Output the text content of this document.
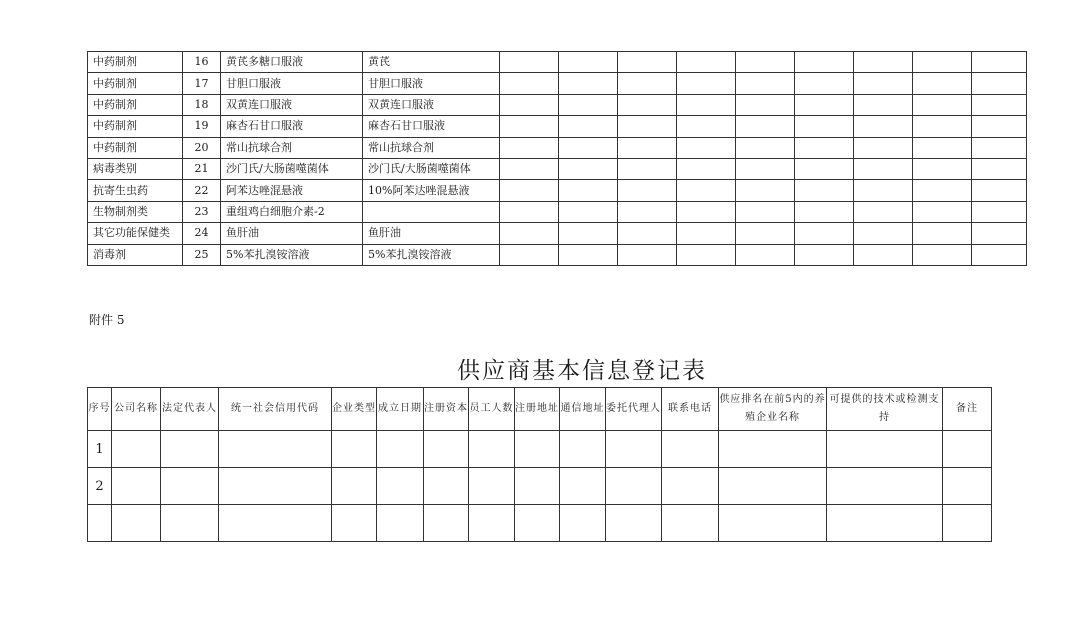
中药制剂	16	黄芪多糖口服液	黄芪									
中药制剂	17	甘胆口服液	甘胆口服液									
中药制剂	18	双黄连口服液	双黄连口服液									
中药制剂	19	麻杏石甘口服液	麻杏石甘口服液									
中药制剂	20	常山抗球合剂	常山抗球合剂									
病毒类别	21	沙门氏/大肠菌噬菌体	沙门氏/大肠菌噬菌体									
抗寄生虫药	22	阿苯达唑混悬液	10%阿苯达唑混悬液									
生物制剂类	23	重组鸡白细胞介素-2										
其它功能保健类	24	鱼肝油	鱼肝油									
消毒剂	25	5%苯扎溴铵溶液	5%苯扎溴铵溶液									
附件 5
供应商基本信息登记表
序号	公司名称	法定代表人	统一社会信用代码	企业类型	成立日期	注册资本	员工人数	注册地址	通信地址	委托代理人	联系电话	供应排名在前5内的养殖企业名称	可提供的技术或检测支持	备注
1														
2														
